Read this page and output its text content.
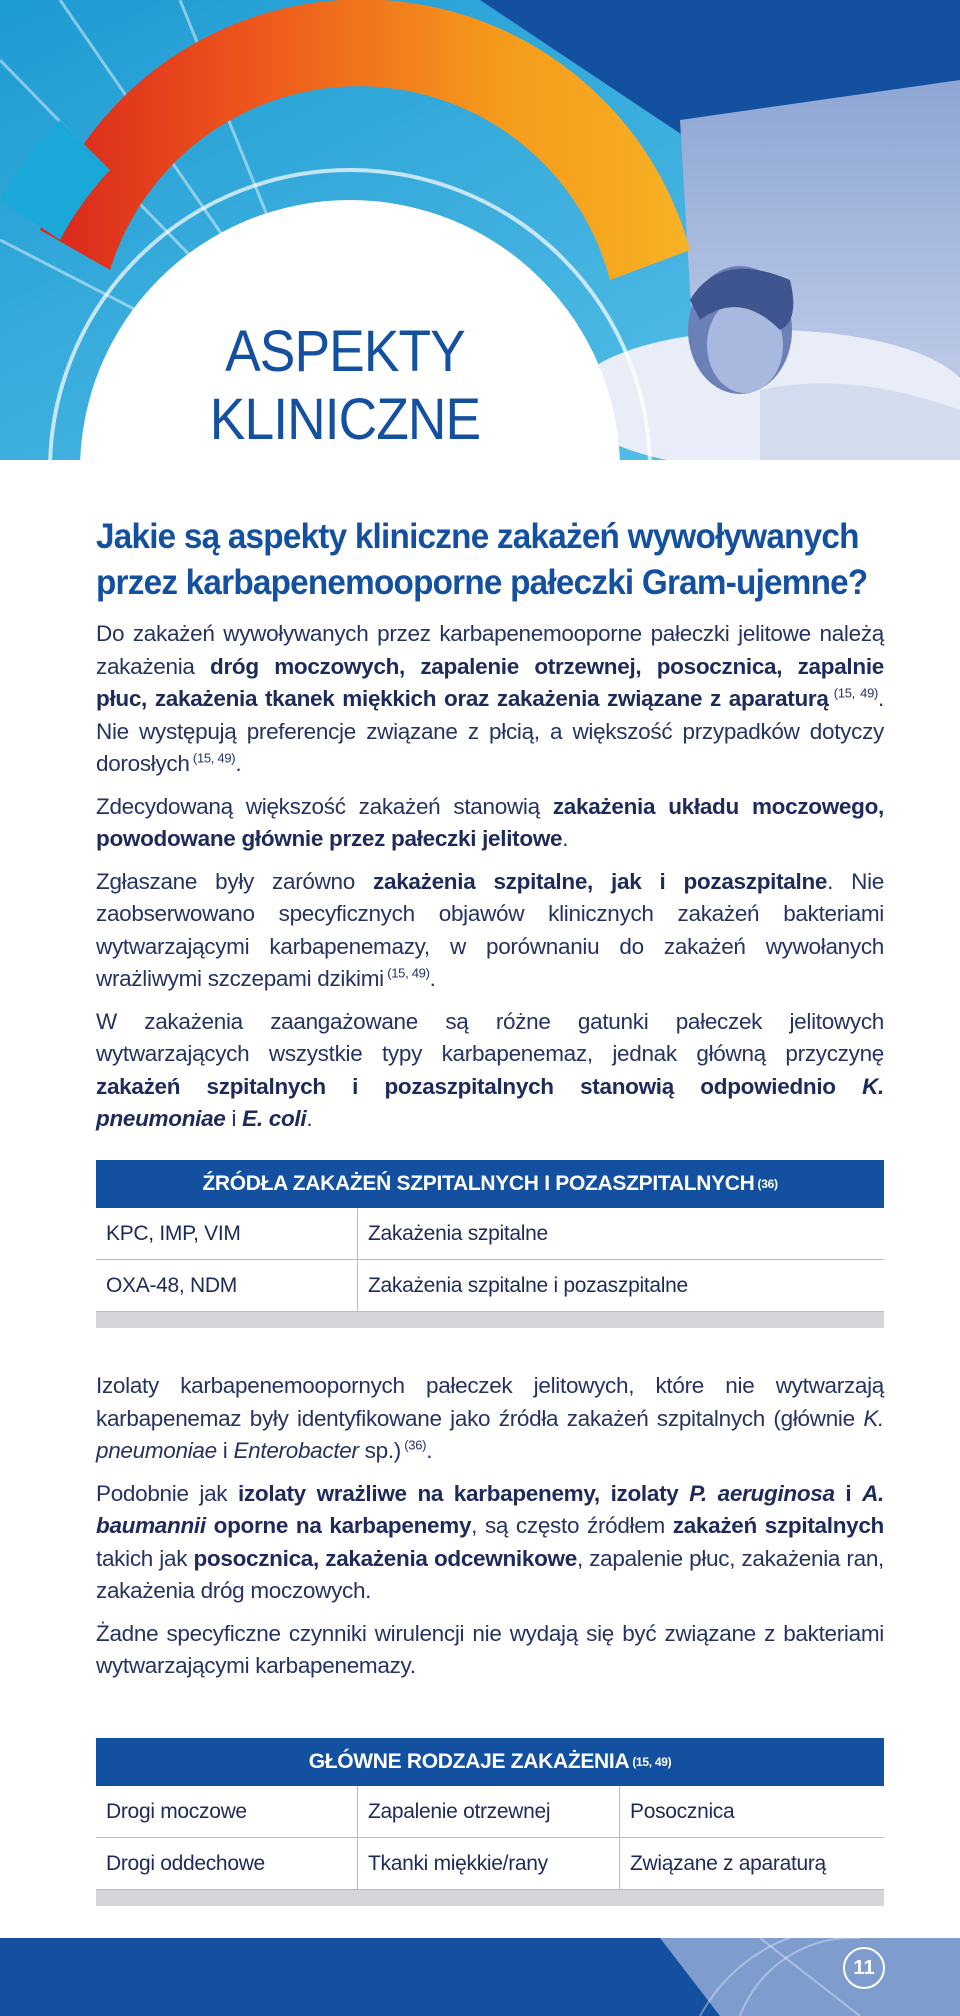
ASPEKTY
KLINICZNE
Jakie są aspekty kliniczne zakażeń wywoływanych przez karbapenemooporne pałeczki Gram-ujemne?

Do zakażeń wywoływanych przez karbapenemooporne pałeczki jelitowe należą zakażenia dróg moczowych, zapalenie otrzewnej, posocznica, zapalnie płuc, zakażenia tkanek miękkich oraz zakażenia związane z aparaturą $^{(15, 49)}$. Nie występują preferencje związane z płcią, a większość przypadków dotyczy dorosłych $^{(15, 49)}$.

Zdecydowaną większość zakażeń stanowią zakażenia układu moczowego, powodowane głównie przez pałeczki jelitowe.

Zgłaszane były zarówno zakażenia szpitalne, jak i pozaszpitalne. Nie zaobserwowano specyficznych objawów klinicznych zakażeń bakteriami wytwarzającymi karbapenemazy, w porównaniu do zakażeń wywołanych wrażliwymi szczepami dzikimi $^{(15, 49)}$.

W zakażenia zaangażowane są różne gatunki pałeczek jelitowych wytwarzających wszystkie typy karbapenemaz, jednak główną przyczynę zakażeń szpitalnych i pozaszpitalnych stanowią odpowiednio K. pneumoniae i E. coli.

ŹRÓDŁA ZAKAŻEŃ SZPITALNYCH I POZASZPITALNYCH (36)
KPC, IMP, VIM	Zakażenia szpitalne
OXA-48, NDM	Zakażenia szpitalne i pozaszpitalne

Izolaty karbapenemoopornych pałeczek jelitowych, które nie wytwarzają karbapenemaz były identyfikowane jako źródła zakażeń szpitalnych (głównie K. pneumoniae i Enterobacter sp.) $^{(36)}$.

Podobnie jak izolaty wrażliwe na karbapenemy, izolaty P. aeruginosa i A. baumannii oporne na karbapenemy, są często źródłem zakażeń szpitalnych takich jak posocznica, zakażenia odcewnikowe, zapalenie płuc, zakażenia ran, zakażenia dróg moczowych.

Żadne specyficzne czynniki wirulencji nie wydają się być związane z bakteriami wytwarzającymi karbapenemazy.

GŁÓWNE RODZAJE ZAKAŻENIA (15, 49)
Drogi moczowe	Zapalenie otrzewnej	Posocznica
Drogi oddechowe	Tkanki miękkie/rany	Związane z aparaturą
11
